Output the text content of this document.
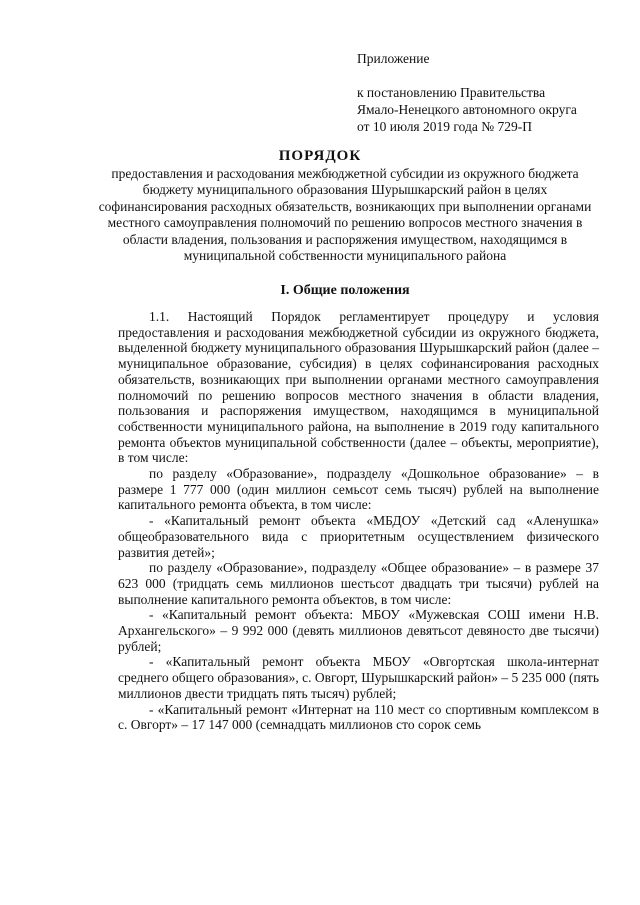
Приложение
к постановлению Правительства
Ямало-Ненецкого автономного округа
от 10 июля 2019 года № 729-П
ПОРЯДОК
предоставления и расходования межбюджетной субсидии из окружного бюджета бюджету муниципального образования Шурышкарский район в целях софинансирования расходных обязательств, возникающих при выполнении органами местного самоуправления полномочий по решению вопросов местного значения в области владения, пользования и распоряжения имуществом, находящимся в муниципальной собственности муниципального района
I. Общие положения

1.1. Настоящий Порядок регламентирует процедуру и условия предоставления и расходования межбюджетной субсидии из окружного бюджета, выделенной бюджету муниципального образования Шурышкарский район (далее – муниципальное образование, субсидия) в целях софинансирования расходных обязательств, возникающих при выполнении органами местного самоуправления полномочий по решению вопросов местного значения в области владения, пользования и распоряжения имуществом, находящимся в муниципальной собственности муниципального района, на выполнение в 2019 году капитального ремонта объектов муниципальной собственности (далее – объекты, мероприятие), в том числе:

по разделу «Образование», подразделу «Дошкольное образование» – в размере 1 777 000 (один миллион семьсот семь тысяч) рублей на выполнение капитального ремонта объекта, в том числе:

- «Капитальный ремонт объекта «МБДОУ «Детский сад «Аленушка» общеобразовательного вида с приоритетным осуществлением физического развития детей»;

по разделу «Образование», подразделу «Общее образование» – в размере 37 623 000 (тридцать семь миллионов шестьсот двадцать три тысячи) рублей на выполнение капитального ремонта объектов, в том числе:

- «Капитальный ремонт объекта: МБОУ «Мужевская СОШ имени Н.В. Архангельского» – 9 992 000 (девять миллионов девятьсот девяносто две тысячи) рублей;

- «Капитальный ремонт объекта МБОУ «Овгортская школа-интернат среднего общего образования», с. Овгорт, Шурышкарский район» – 5 235 000 (пять миллионов двести тридцать пять тысяч) рублей;

- «Капитальный ремонт «Интернат на 110 мест со спортивным комплексом в с. Овгорт» – 17 147 000 (семнадцать миллионов сто сорок семь
